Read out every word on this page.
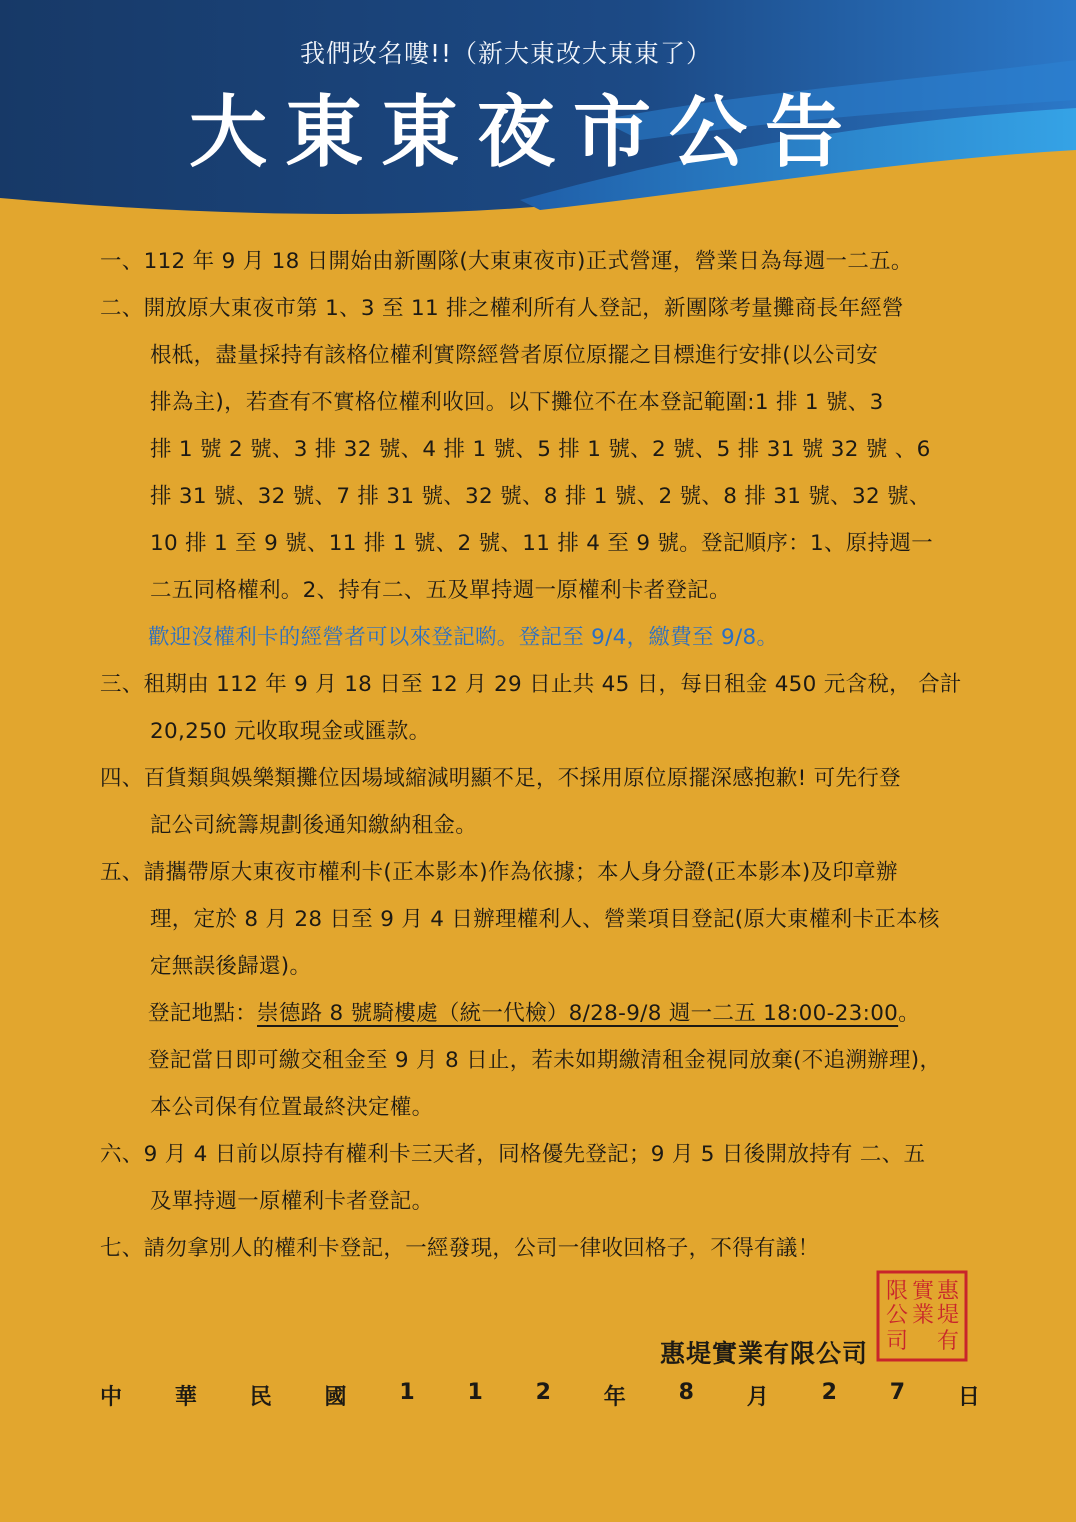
我們改名嘍!!（新大東改大東東了）
大東東夜市公告
一、112 年 9 月 18 日開始由新團隊(大東東夜市)正式營運，營業日為每週一二五。
二、開放原大東夜市第 1、3 至 11 排之權利所有人登記，新團隊考量攤商長年經營
根柢，盡量採持有該格位權利實際經營者原位原擺之目標進行安排(以公司安
排為主)，若查有不實格位權利收回。以下攤位不在本登記範圍:1 排 1 號、3
排 1 號 2 號、3 排 32 號、4 排 1 號、5 排 1 號、2 號、5 排 31 號 32 號 、6
排 31 號、32 號、7 排 31 號、32 號、8 排 1 號、2 號、8 排 31 號、32 號、
10 排 1 至 9 號、11 排 1 號、2 號、11 排 4 至 9 號。登記順序：1、原持週一
二五同格權利。2、持有二、五及單持週一原權利卡者登記。
歡迎沒權利卡的經營者可以來登記喲。登記至 9/4，繳費至 9/8。
三、租期由 112 年 9 月 18 日至 12 月 29 日止共 45 日，每日租金 450 元含稅， 合計
20,250 元收取現金或匯款。
四、百貨類與娛樂類攤位因場域縮減明顯不足，不採用原位原擺深感抱歉! 可先行登
記公司統籌規劃後通知繳納租金。
五、請攜帶原大東夜市權利卡(正本影本)作為依據；本人身分證(正本影本)及印章辦
理，定於 8 月 28 日至 9 月 4 日辦理權利人、營業項目登記(原大東權利卡正本核
定無誤後歸還)。
登記地點：崇德路 8 號騎樓處（統一代檢）8/28-9/8 週一二五 18:00-23:00。
登記當日即可繳交租金至 9 月 8 日止，若未如期繳清租金視同放棄(不追溯辦理)，
本公司保有位置最終決定權。
六、9 月 4 日前以原持有權利卡三天者，同格優先登記；9 月 5 日後開放持有 二、五
及單持週一原權利卡者登記。
七、請勿拿別人的權利卡登記，一經發現，公司一律收回格子，不得有議！
惠堤實業有限公司
惠
堤
實
業
有
限
公
司
中 華 民 國 1 1 2 年 8 月 2 7 日
